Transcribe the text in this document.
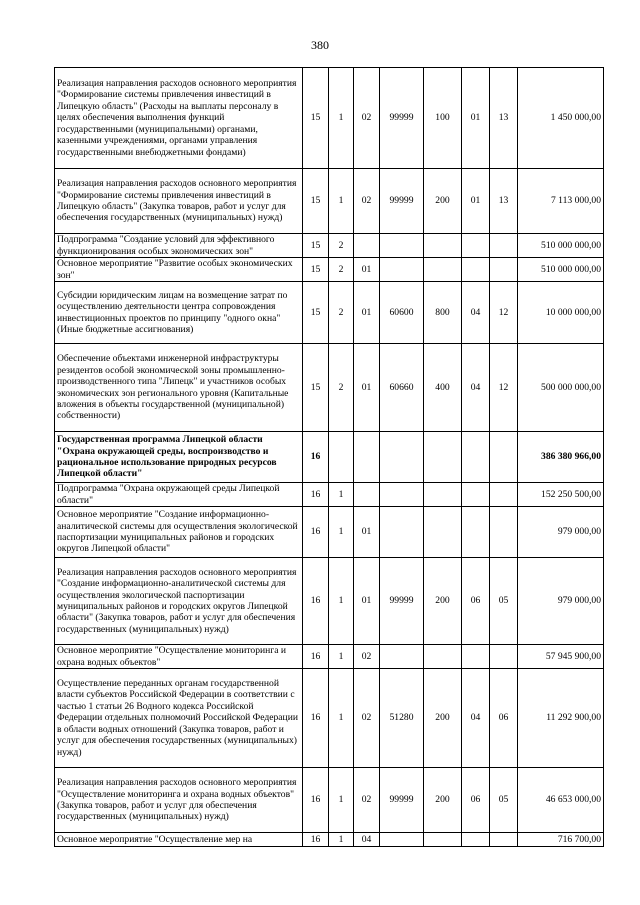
380
Реализация направления расходов основного мероприятия "Формирование системы привлечения инвестиций в Липецкую область" (Расходы на выплаты персоналу в целях обеспечения выполнения функций государственными (муниципальными) органами, казенными учреждениями, органами управления государственными внебюджетными фондами)	15	1	02	99999	100	01	13	1 450 000,00
Реализация направления расходов основного мероприятия "Формирование системы привлечения инвестиций в Липецкую область" (Закупка товаров, работ и услуг для обеспечения государственных (муниципальных) нужд)	15	1	02	99999	200	01	13	7 113 000,00
Подпрограмма "Создание условий для эффективного функционирования особых экономических зон"	15	2						510 000 000,00
Основное мероприятие "Развитие особых экономических зон"	15	2	01					510 000 000,00
Субсидии юридическим лицам на возмещение затрат по осуществлению деятельности центра сопровождения инвестиционных проектов по принципу "одного окна" (Иные бюджетные ассигнования)	15	2	01	60600	800	04	12	10 000 000,00
Обеспечение объектами инженерной инфраструктуры резидентов особой экономической зоны промышленно-производственного типа "Липецк" и участников особых экономических зон регионального уровня (Капитальные вложения в объекты государственной (муниципальной) собственности)	15	2	01	60660	400	04	12	500 000 000,00
Государственная программа Липецкой области "Охрана окружающей среды, воспроизводство и рациональное использование природных ресурсов Липецкой области"	16							386 380 966,00
Подпрограмма "Охрана окружающей среды Липецкой области"	16	1						152 250 500,00
Основное мероприятие "Создание информационно-аналитической системы для осуществления экологической паспортизации муниципальных районов и городских округов Липецкой области"	16	1	01					979 000,00
Реализация направления расходов основного мероприятия "Создание информационно-аналитической системы для осуществления экологической паспортизации муниципальных районов и городских округов Липецкой области" (Закупка товаров, работ и услуг для обеспечения государственных (муниципальных) нужд)	16	1	01	99999	200	06	05	979 000,00
Основное мероприятие "Осуществление мониторинга и охрана водных объектов"	16	1	02					57 945 900,00
Осуществление переданных органам государственной власти субъектов Российской Федерации в соответствии с частью 1 статьи 26 Водного кодекса Российской Федерации отдельных полномочий Российской Федерации в области водных отношений (Закупка товаров, работ и услуг для обеспечения государственных (муниципальных) нужд)	16	1	02	51280	200	04	06	11 292 900,00
Реализация направления расходов основного мероприятия "Осуществление мониторинга и охрана водных объектов" (Закупка товаров, работ и услуг для обеспечения государственных (муниципальных) нужд)	16	1	02	99999	200	06	05	46 653 000,00
Основное мероприятие "Осуществление мер на	16	1	04					716 700,00
